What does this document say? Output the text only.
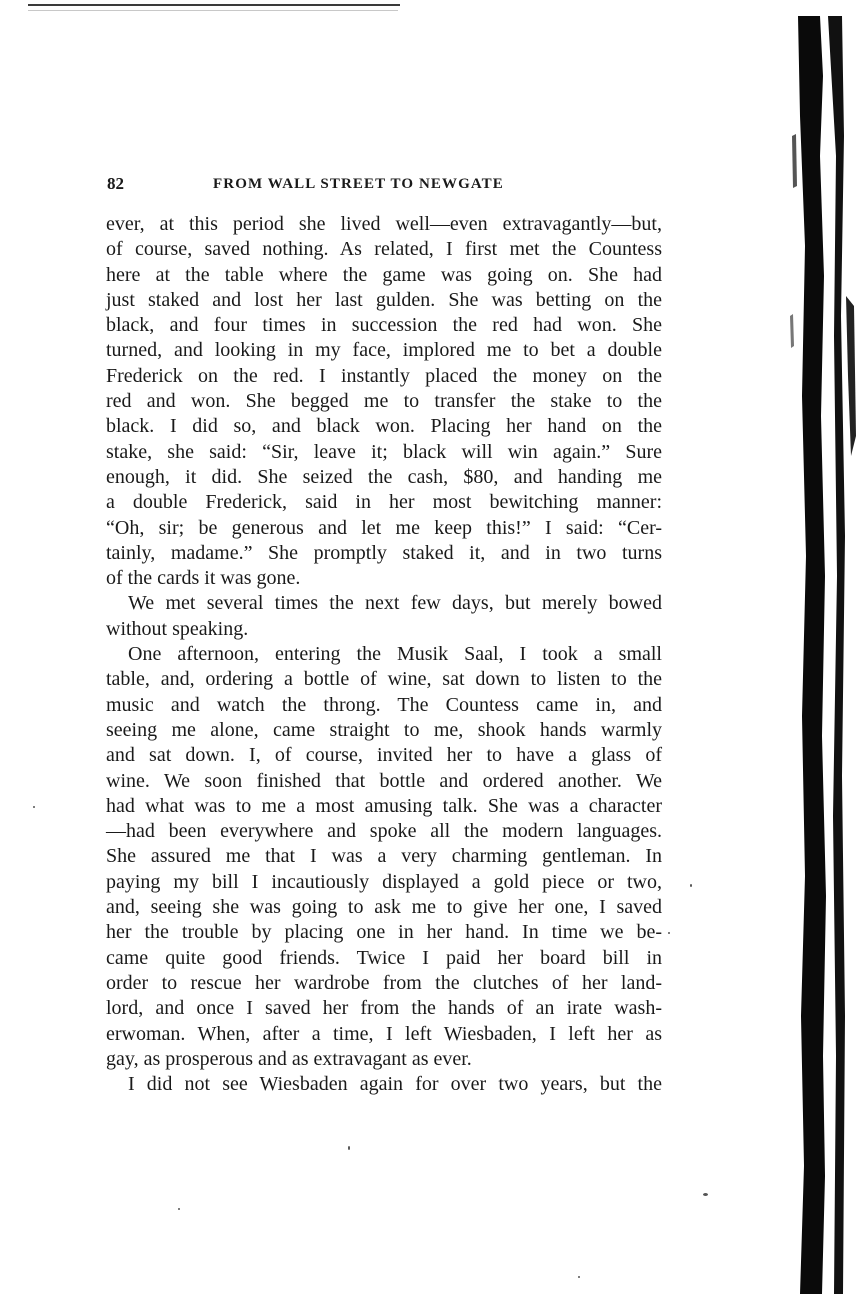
82	FROM WALL STREET TO NEWGATE
ever, at this period she lived well—even extravagantly—but,
of course, saved nothing. As related, I first met the Countess
here at the table where the game was going on. She had
just staked and lost her last gulden. She was betting on the
black, and four times in succession the red had won. She
turned, and looking in my face, implored me to bet a double
Frederick on the red. I instantly placed the money on the
red and won. She begged me to transfer the stake to the
black. I did so, and black won. Placing her hand on the
stake, she said: “Sir, leave it; black will win again.” Sure
enough, it did. She seized the cash, $80, and handing me
a double Frederick, said in her most bewitching manner:
“Oh, sir; be generous and let me keep this!” I said: “Cer-
tainly, madame.” She promptly staked it, and in two turns
of the cards it was gone.
We met several times the next few days, but merely bowed
without speaking.
One afternoon, entering the Musik Saal, I took a small
table, and, ordering a bottle of wine, sat down to listen to the
music and watch the throng. The Countess came in, and
seeing me alone, came straight to me, shook hands warmly
and sat down. I, of course, invited her to have a glass of
wine. We soon finished that bottle and ordered another. We
had what was to me a most amusing talk. She was a character
—had been everywhere and spoke all the modern languages.
She assured me that I was a very charming gentleman. In
paying my bill I incautiously displayed a gold piece or two,
and, seeing she was going to ask me to give her one, I saved
her the trouble by placing one in her hand. In time we be-
came quite good friends. Twice I paid her board bill in
order to rescue her wardrobe from the clutches of her land-
lord, and once I saved her from the hands of an irate wash-
erwoman. When, after a time, I left Wiesbaden, I left her as
gay, as prosperous and as extravagant as ever.
I did not see Wiesbaden again for over two years, but the
